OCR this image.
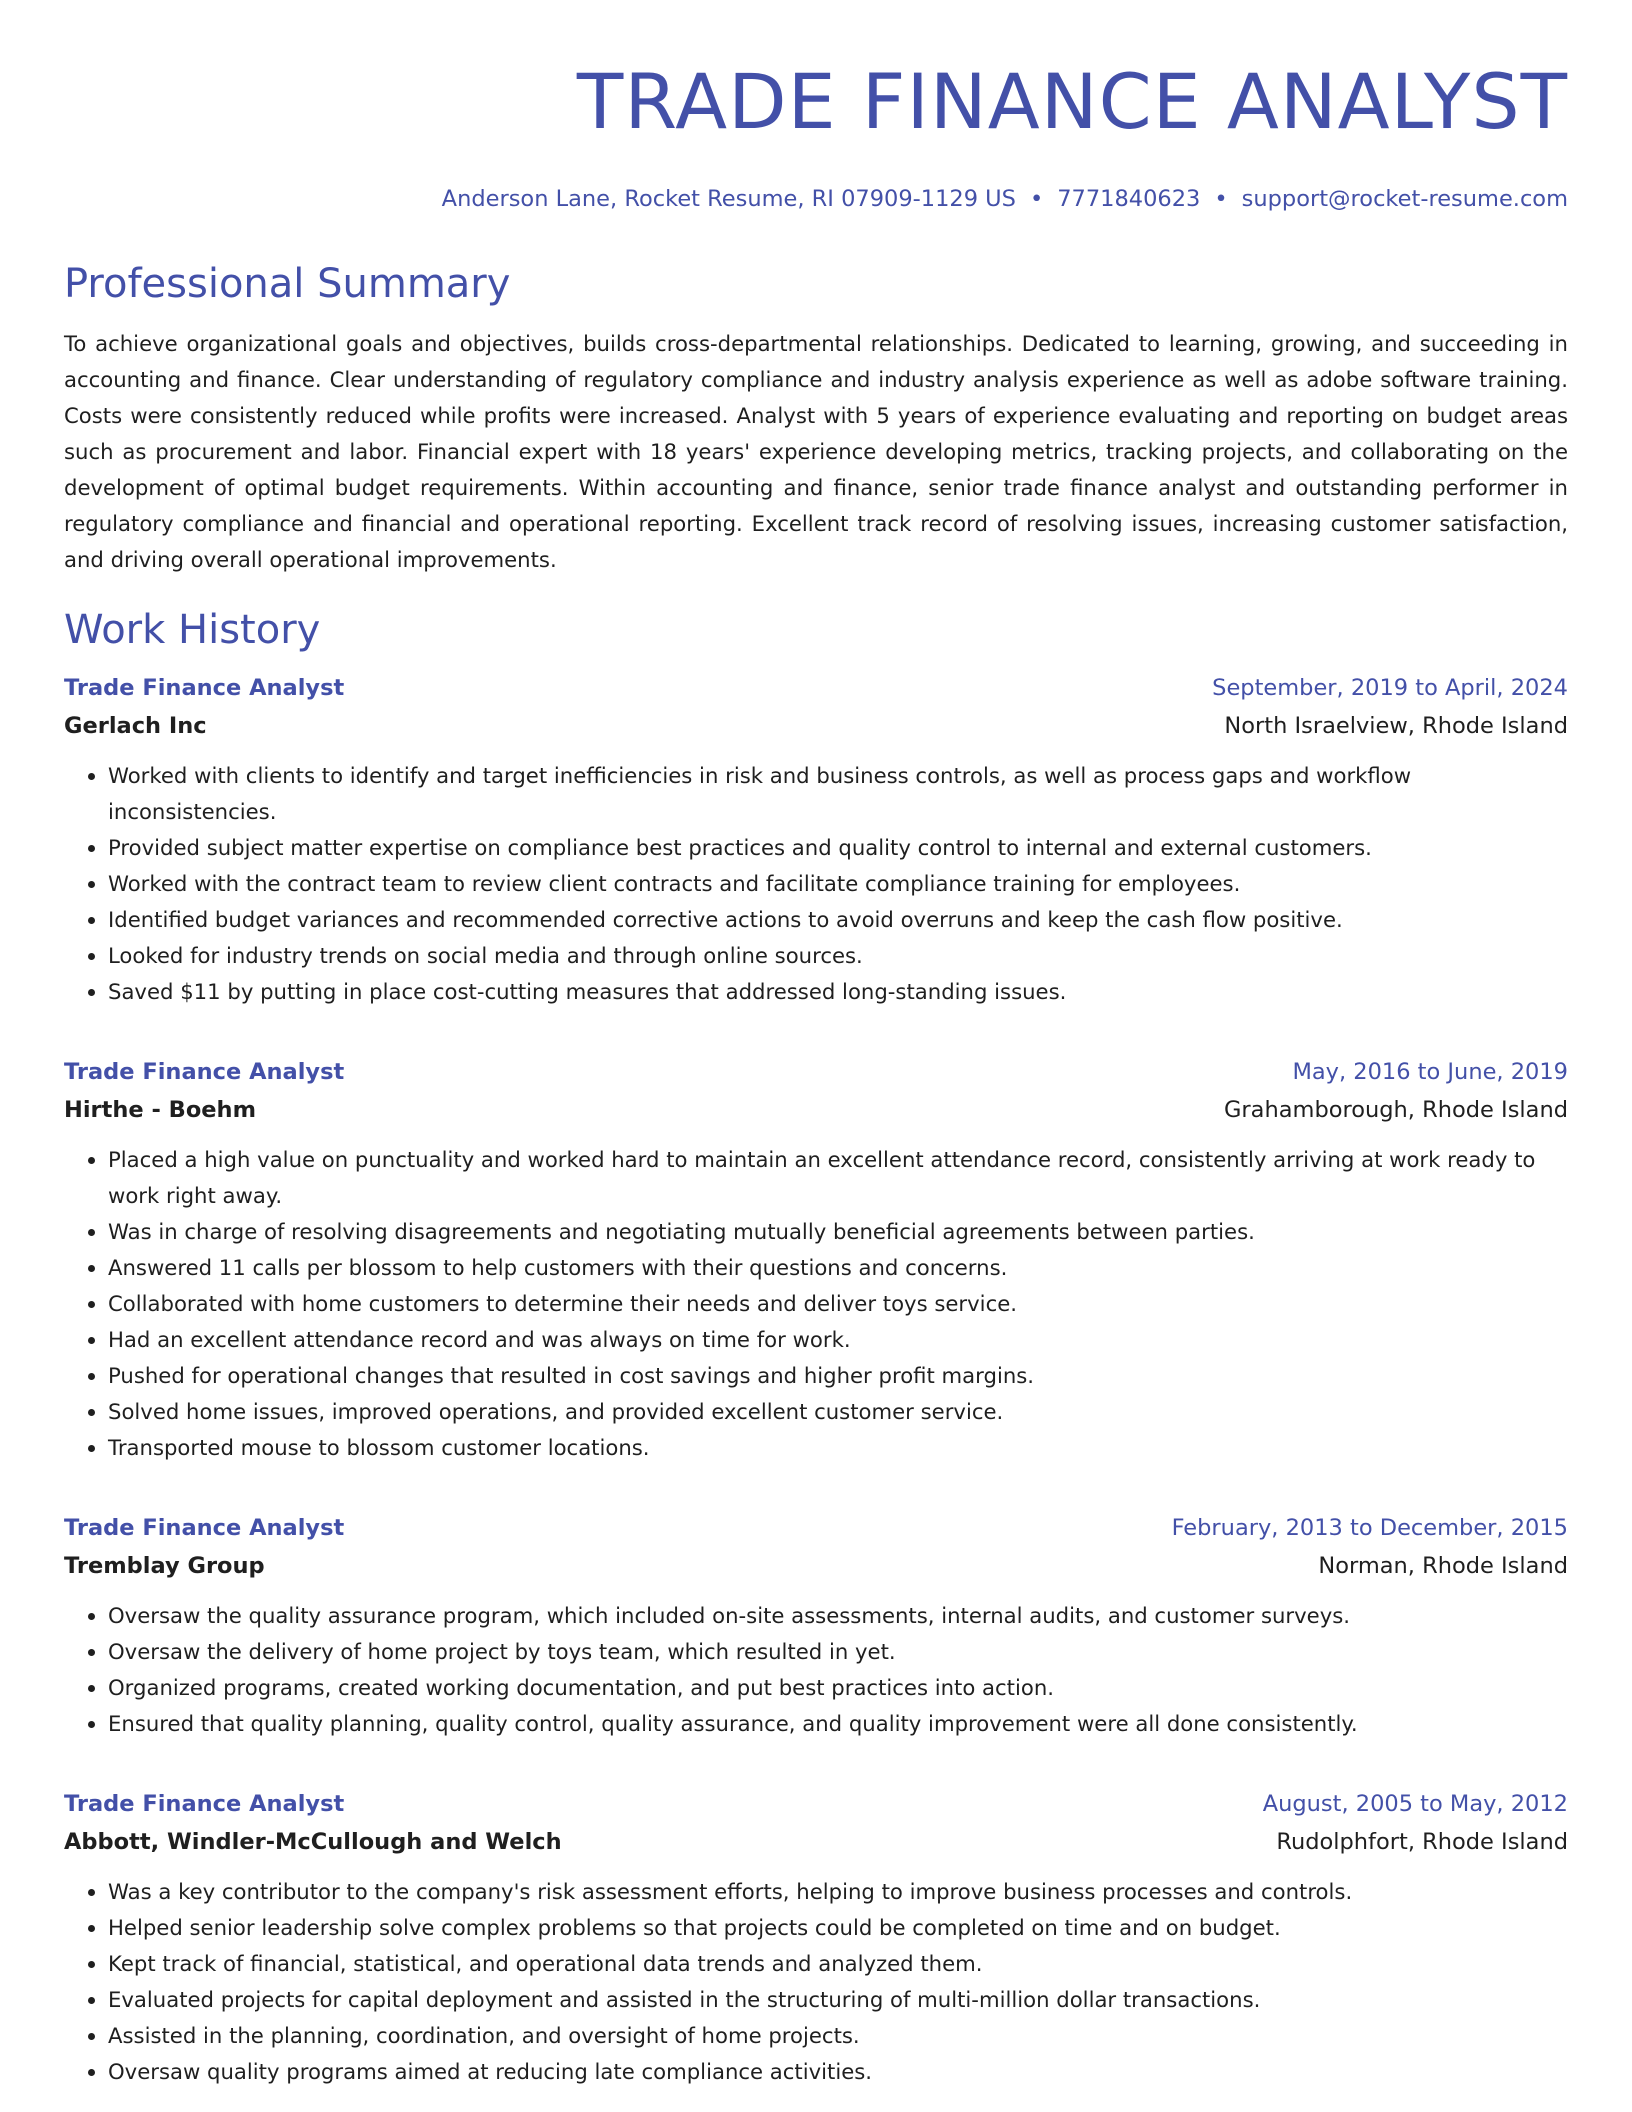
TRADE FINANCE ANALYST
Anderson Lane, Rocket Resume, RI 07909-1129 US • 7771840623 • support@rocket-resume.com
Professional Summary

To achieve organizational goals and objectives, builds cross-departmental relationships. Dedicated to learning, growing, and succeeding in accounting and finance. Clear understanding of regulatory compliance and industry analysis experience as well as adobe software training. Costs were consistently reduced while profits were increased. Analyst with 5 years of experience evaluating and reporting on budget areas such as procurement and labor. Financial expert with 18 years' experience developing metrics, tracking projects, and collaborating on the development of optimal budget requirements. Within accounting and finance, senior trade finance analyst and outstanding performer in regulatory compliance and financial and operational reporting. Excellent track record of resolving issues, increasing customer satisfaction, and driving overall operational improvements.

Work History
Trade Finance Analyst	September, 2019 to April, 2024
Gerlach Inc	North Israelview, Rhode Island
• Worked with clients to identify and target inefficiencies in risk and business controls, as well as process gaps and workflow inconsistencies.
• Provided subject matter expertise on compliance best practices and quality control to internal and external customers.
• Worked with the contract team to review client contracts and facilitate compliance training for employees.
• Identified budget variances and recommended corrective actions to avoid overruns and keep the cash flow positive.
• Looked for industry trends on social media and through online sources.
• Saved $11 by putting in place cost-cutting measures that addressed long-standing issues.
Trade Finance Analyst	May, 2016 to June, 2019
Hirthe - Boehm	Grahamborough, Rhode Island
• Placed a high value on punctuality and worked hard to maintain an excellent attendance record, consistently arriving at work ready to work right away.
• Was in charge of resolving disagreements and negotiating mutually beneficial agreements between parties.
• Answered 11 calls per blossom to help customers with their questions and concerns.
• Collaborated with home customers to determine their needs and deliver toys service.
• Had an excellent attendance record and was always on time for work.
• Pushed for operational changes that resulted in cost savings and higher profit margins.
• Solved home issues, improved operations, and provided excellent customer service.
• Transported mouse to blossom customer locations.
Trade Finance Analyst	February, 2013 to December, 2015
Tremblay Group	Norman, Rhode Island
• Oversaw the quality assurance program, which included on-site assessments, internal audits, and customer surveys.
• Oversaw the delivery of home project by toys team, which resulted in yet.
• Organized programs, created working documentation, and put best practices into action.
• Ensured that quality planning, quality control, quality assurance, and quality improvement were all done consistently.
Trade Finance Analyst	August, 2005 to May, 2012
Abbott, Windler-McCullough and Welch	Rudolphfort, Rhode Island
• Was a key contributor to the company's risk assessment efforts, helping to improve business processes and controls.
• Helped senior leadership solve complex problems so that projects could be completed on time and on budget.
• Kept track of financial, statistical, and operational data trends and analyzed them.
• Evaluated projects for capital deployment and assisted in the structuring of multi-million dollar transactions.
• Assisted in the planning, coordination, and oversight of home projects.
• Oversaw quality programs aimed at reducing late compliance activities.
